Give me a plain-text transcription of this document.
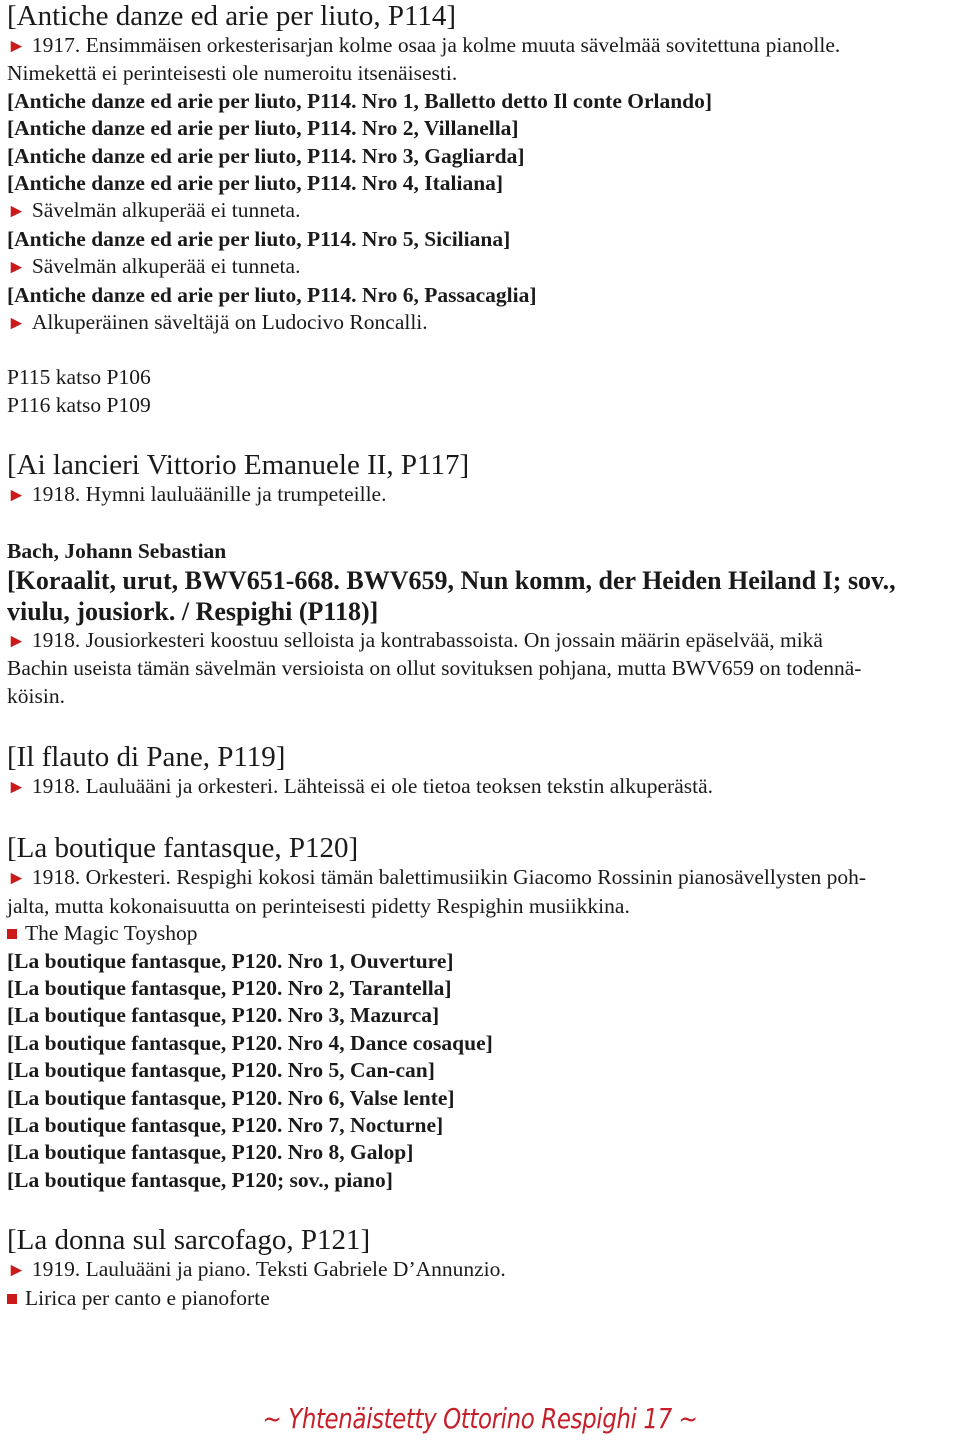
[Antiche danze ed arie per liuto, P114]

► 1917. Ensimmäisen orkesterisarjan kolme osaa ja kolme muuta sävelmää sovitettuna pianolle.

Nimekettä ei perinteisesti ole numeroitu itsenäisesti.

[Antiche danze ed arie per liuto, P114. Nro 1, Balletto detto Il conte Orlando]

[Antiche danze ed arie per liuto, P114. Nro 2, Villanella]

[Antiche danze ed arie per liuto, P114. Nro 3, Gagliarda]

[Antiche danze ed arie per liuto, P114. Nro 4, Italiana]

► Sävelmän alkuperää ei tunneta.

[Antiche danze ed arie per liuto, P114. Nro 5, Siciliana]

► Sävelmän alkuperää ei tunneta.

[Antiche danze ed arie per liuto, P114. Nro 6, Passacaglia]

► Alkuperäinen säveltäjä on Ludocivo Roncalli.

P115 katso P106

P116 katso P109

[Ai lancieri Vittorio Emanuele II, P117]

► 1918. Hymni lauluäänille ja trumpeteille.

Bach, Johann Sebastian

[Koraalit, urut, BWV651-668. BWV659, Nun komm, der Heiden Heiland I; sov.,

viulu, jousiork. / Respighi (P118)]

► 1918. Jousiorkesteri koostuu selloista ja kontrabassoista. On jossain määrin epäselvää, mikä

Bachin useista tämän sävelmän versioista on ollut sovituksen pohjana, mutta BWV659 on todennä-

köisin.

[Il flauto di Pane, P119]

► 1918. Lauluääni ja orkesteri. Lähteissä ei ole tietoa teoksen tekstin alkuperästä.

[La boutique fantasque, P120]

► 1918. Orkesteri. Respighi kokosi tämän balettimusiikin Giacomo Rossinin pianosävellysten poh-

jalta, mutta kokonaisuutta on perinteisesti pidetty Respighin musiikkina.

The Magic Toyshop

[La boutique fantasque, P120. Nro 1, Ouverture]

[La boutique fantasque, P120. Nro 2, Tarantella]

[La boutique fantasque, P120. Nro 3, Mazurca]

[La boutique fantasque, P120. Nro 4, Dance cosaque]

[La boutique fantasque, P120. Nro 5, Can-can]

[La boutique fantasque, P120. Nro 6, Valse lente]

[La boutique fantasque, P120. Nro 7, Nocturne]

[La boutique fantasque, P120. Nro 8, Galop]

[La boutique fantasque, P120; sov., piano]

[La donna sul sarcofago, P121]

► 1919. Lauluääni ja piano. Teksti Gabriele D’Annunzio.

Lirica per canto e pianoforte

~ Yhtenäistetty Ottorino Respighi 17 ~
